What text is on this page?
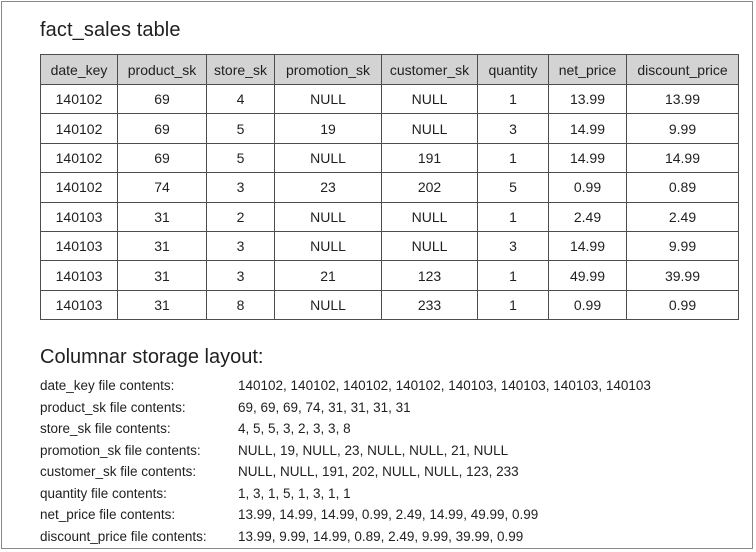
fact_sales table
date_key	product_sk	store_sk	promotion_sk	customer_sk	quantity	net_price	discount_price
140102	69	4	NULL	NULL	1	13.99	13.99
140102	69	5	19	NULL	3	14.99	9.99
140102	69	5	NULL	191	1	14.99	14.99
140102	74	3	23	202	5	0.99	0.89
140103	31	2	NULL	NULL	1	2.49	2.49
140103	31	3	NULL	NULL	3	14.99	9.99
140103	31	3	21	123	1	49.99	39.99
140103	31	8	NULL	233	1	0.99	0.99
Columnar storage layout:
date_key file contents:	140102, 140102, 140102, 140102, 140103, 140103, 140103, 140103
product_sk file contents:	69, 69, 69, 74, 31, 31, 31, 31
store_sk file contents:	4, 5, 5, 3, 2, 3, 3, 8
promotion_sk file contents:	NULL, 19, NULL, 23, NULL, NULL, 21, NULL
customer_sk file contents:	NULL, NULL, 191, 202, NULL, NULL, 123, 233
quantity file contents:	1, 3, 1, 5, 1, 3, 1, 1
net_price file contents:	13.99, 14.99, 14.99, 0.99, 2.49, 14.99, 49.99, 0.99
discount_price file contents:	13.99, 9.99, 14.99, 0.89, 2.49, 9.99, 39.99, 0.99
